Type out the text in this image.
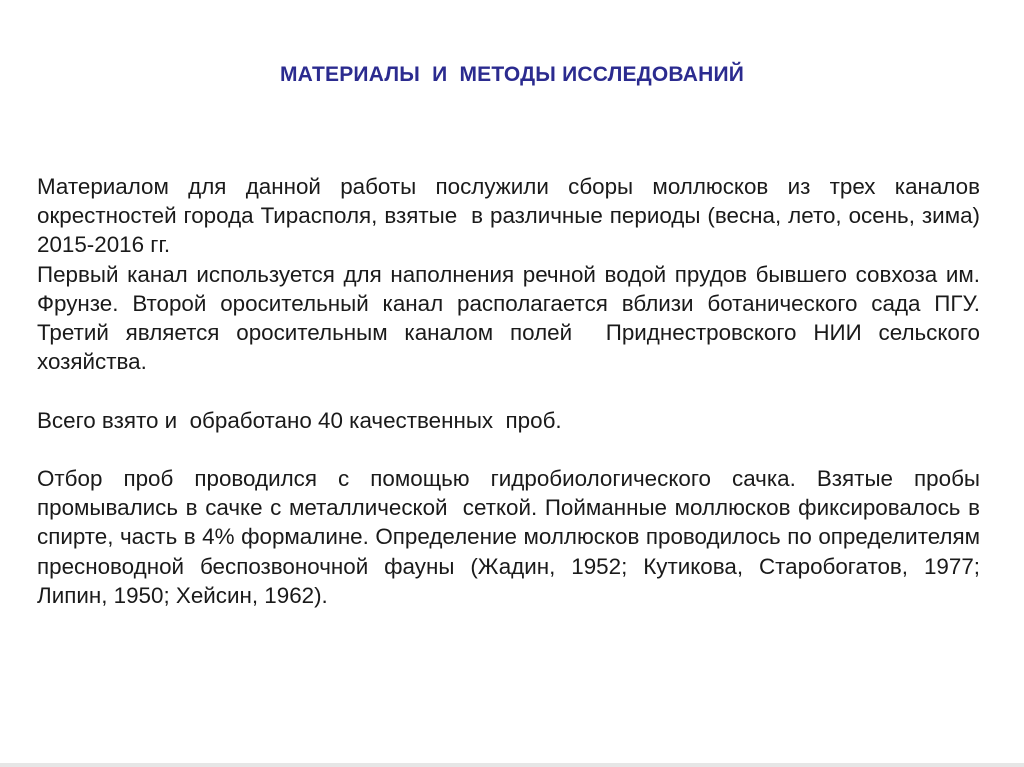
МАТЕРИАЛЫ  И  МЕТОДЫ ИССЛЕДОВАНИЙ

Материалом для данной работы послужили сборы моллюсков из трех каналов окрестностей города Тирасполя, взятые  в различные периоды (весна, лето, осень, зима) 2015-2016 гг.

Первый канал используется для наполнения речной водой прудов бывшего совхоза им. Фрунзе. Второй оросительный канал располагается вблизи ботанического сада ПГУ. Третий является оросительным каналом полей  Приднестровского НИИ сельского хозяйства.

Всего взято и  обработано 40 качественных  проб.

Отбор проб проводился с помощью гидробиологического сачка. Взятые пробы промывались в сачке с металлической  сеткой. Пойманные моллюсков фиксировалось в спирте, часть в 4% формалине. Определение моллюсков проводилось по определителям пресноводной беспозвоночной фауны (Жадин, 1952; Кутикова, Старобогатов, 1977; Липин, 1950; Хейсин, 1962).
